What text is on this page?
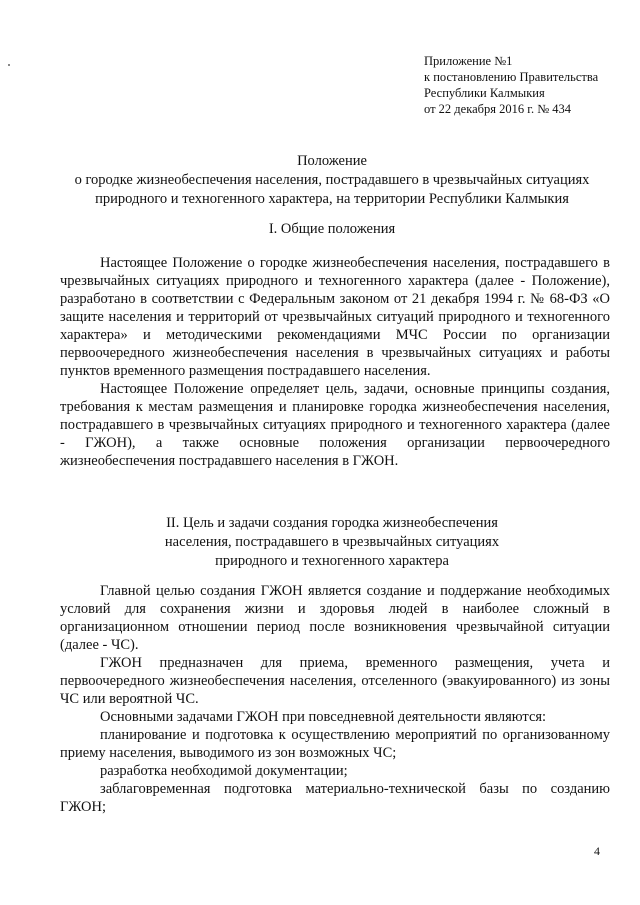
Приложение №1
к постановлению Правительства
Республики Калмыкия
от 22 декабря 2016 г. № 434
Положение
о городке жизнеобеспечения населения, пострадавшего в чрезвычайных ситуациях
природного и техногенного характера, на территории Республики Калмыкия
I. Общие положения

Настоящее Положение о городке жизнеобеспечения населения, пострадавшего в чрезвычайных ситуациях природного и техногенного характера (далее - Положение), разработано в соответствии с Федеральным законом от 21 декабря 1994 г. № 68-ФЗ «О защите населения и территорий от чрезвычайных ситуаций природного и техногенного характера» и методическими рекомендациями МЧС России по организации первоочередного жизнеобеспечения населения в чрезвычайных ситуациях и работы пунктов временного размещения пострадавшего населения.

Настоящее Положение определяет цель, задачи, основные принципы создания, требования к местам размещения и планировке городка жизнеобеспечения населения, пострадавшего в чрезвычайных ситуациях природного и техногенного характера (далее - ГЖОН), а также основные положения организации первоочередного жизнеобеспечения пострадавшего населения в ГЖОН.

II. Цель и задачи создания городка жизнеобеспечения
населения, пострадавшего в чрезвычайных ситуациях
природного и техногенного характера

Главной целью создания ГЖОН является создание и поддержание необходимых условий для сохранения жизни и здоровья людей в наиболее сложный в организационном отношении период после возникновения чрезвычайной ситуации (далее - ЧС).

ГЖОН предназначен для приема, временного размещения, учета и первоочередного жизнеобеспечения населения, отселенного (эвакуированного) из зоны ЧС или вероятной ЧС.

Основными задачами ГЖОН при повседневной деятельности являются:

планирование и подготовка к осуществлению мероприятий по организованному приему населения, выводимого из зон возможных ЧС;

разработка необходимой документации;

заблаговременная подготовка материально-технической базы по созданию ГЖОН;

4
